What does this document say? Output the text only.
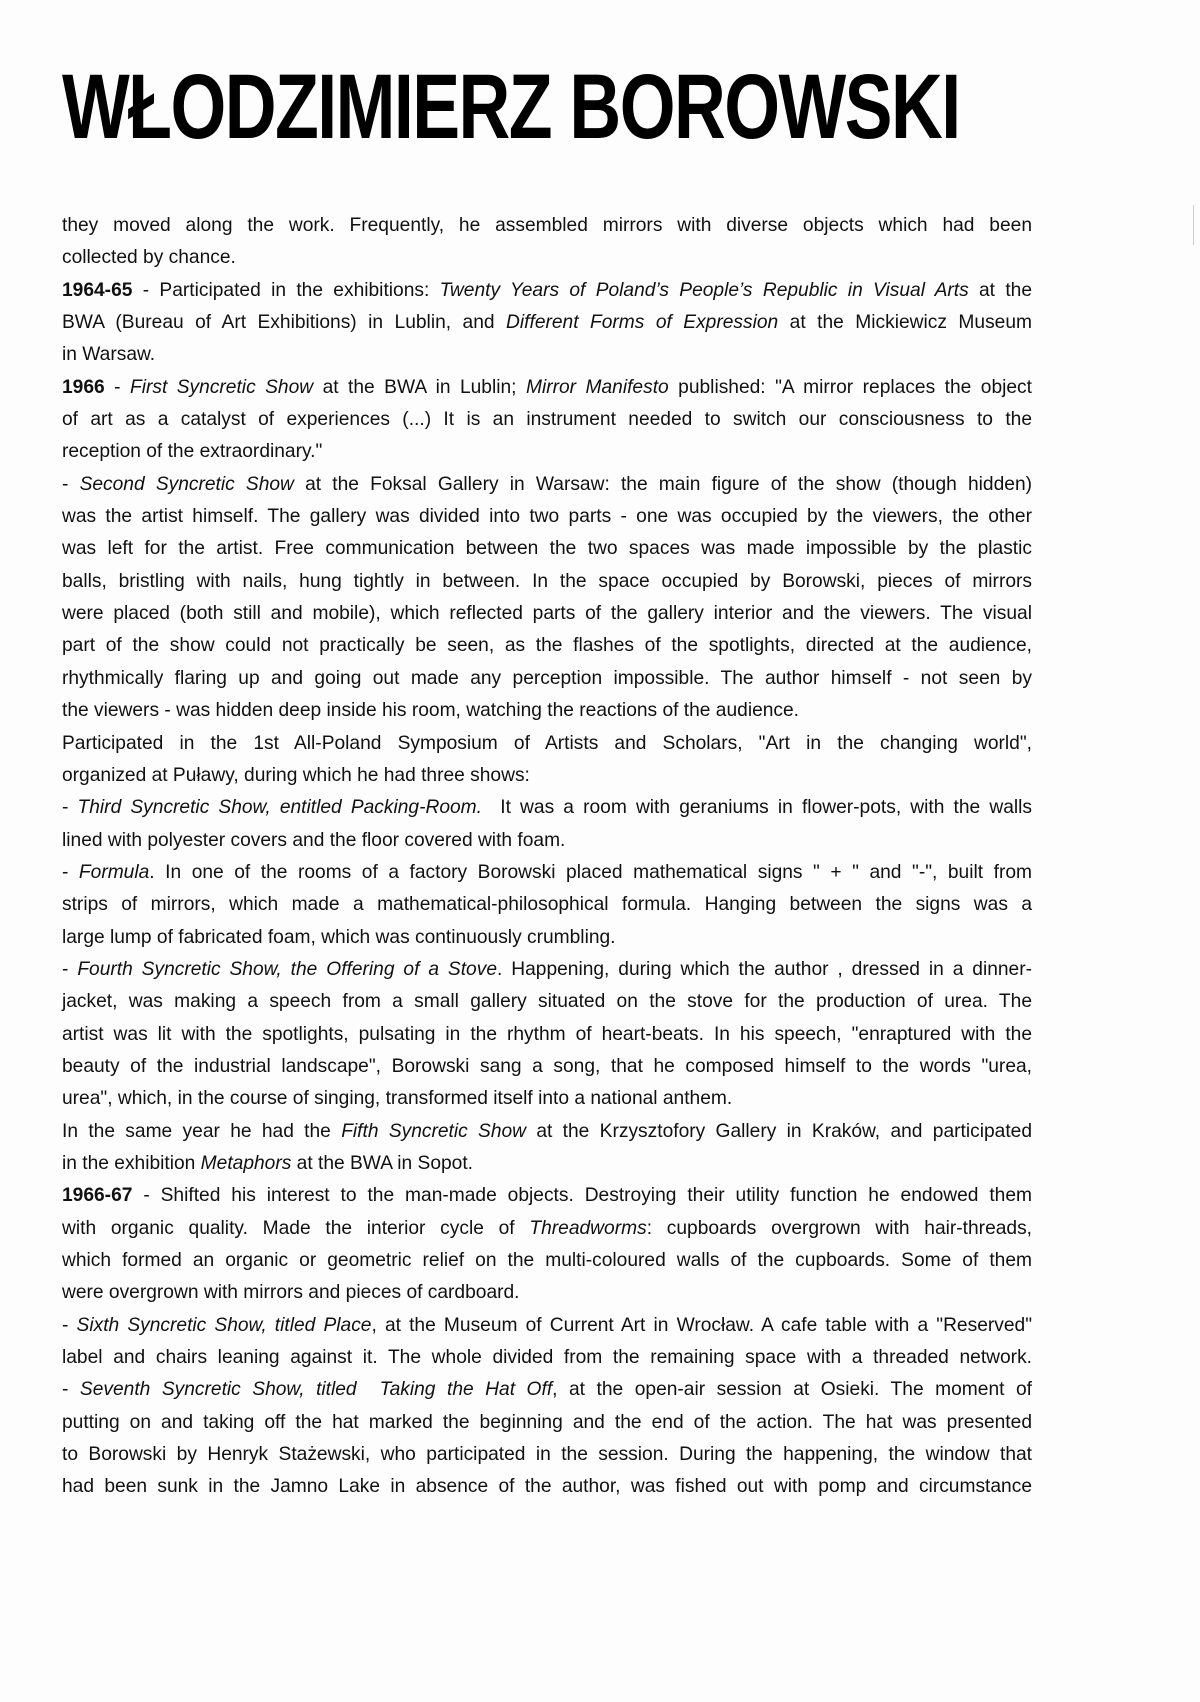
WŁODZIMIERZ BOROWSKI
they moved along the work. Frequently, he assembled mirrors with diverse objects which had been
collected by chance.
1964-65 - Participated in the exhibitions: Twenty Years of Poland’s People’s Republic in Visual Arts at the
BWA (Bureau of Art Exhibitions) in Lublin, and Different Forms of Expression at the Mickiewicz Museum
in Warsaw.
1966 - First Syncretic Show at the BWA in Lublin; Mirror Manifesto published: "A mirror replaces the object
of art as a catalyst of experiences (...) It is an instrument needed to switch our consciousness to the
reception of the extraordinary."
- Second Syncretic Show at the Foksal Gallery in Warsaw: the main figure of the show (though hidden)
was the artist himself. The gallery was divided into two parts - one was occupied by the viewers, the other
was left for the artist. Free communication between the two spaces was made impossible by the plastic
balls, bristling with nails, hung tightly in between. In the space occupied by Borowski, pieces of mirrors
were placed (both still and mobile), which reflected parts of the gallery interior and the viewers. The visual
part of the show could not practically be seen, as the flashes of the spotlights, directed at the audience,
rhythmically flaring up and going out made any perception impossible. The author himself - not seen by
the viewers - was hidden deep inside his room, watching the reactions of the audience.
Participated in the 1st All-Poland Symposium of Artists and Scholars, "Art in the changing world",
organized at Puławy, during which he had three shows:
- Third Syncretic Show, entitled Packing-Room.  It was a room with geraniums in flower-pots, with the walls
lined with polyester covers and the floor covered with foam.
- Formula. In one of the rooms of a factory Borowski placed mathematical signs " + " and "-", built from
strips of mirrors, which made a mathematical-philosophical formula. Hanging between the signs was a
large lump of fabricated foam, which was continuously crumbling.
- Fourth Syncretic Show, the Offering of a Stove. Happening, during which the author , dressed in a dinner-
jacket, was making a speech from a small gallery situated on the stove for the production of urea. The
artist was lit with the spotlights, pulsating in the rhythm of heart-beats. In his speech, "enraptured with the
beauty of the industrial landscape", Borowski sang a song, that he composed himself to the words "urea,
urea", which, in the course of singing, transformed itself into a national anthem.
In the same year he had the Fifth Syncretic Show at the Krzysztofory Gallery in Kraków, and participated
in the exhibition Metaphors at the BWA in Sopot.
1966-67 - Shifted his interest to the man-made objects. Destroying their utility function he endowed them
with organic quality. Made the interior cycle of Threadworms: cupboards overgrown with hair-threads,
which formed an organic or geometric relief on the multi-coloured walls of the cupboards. Some of them
were overgrown with mirrors and pieces of cardboard.
- Sixth Syncretic Show, titled Place, at the Museum of Current Art in Wrocław. A cafe table with a "Reserved"
label and chairs leaning against it. The whole divided from the remaining space with a threaded network.
- Seventh Syncretic Show, titled  Taking the Hat Off, at the open-air session at Osieki. The moment of
putting on and taking off the hat marked the beginning and the end of the action. The hat was presented
to Borowski by Henryk Stażewski, who participated in the session. During the happening, the window that
had been sunk in the Jamno Lake in absence of the author, was fished out with pomp and circumstance
